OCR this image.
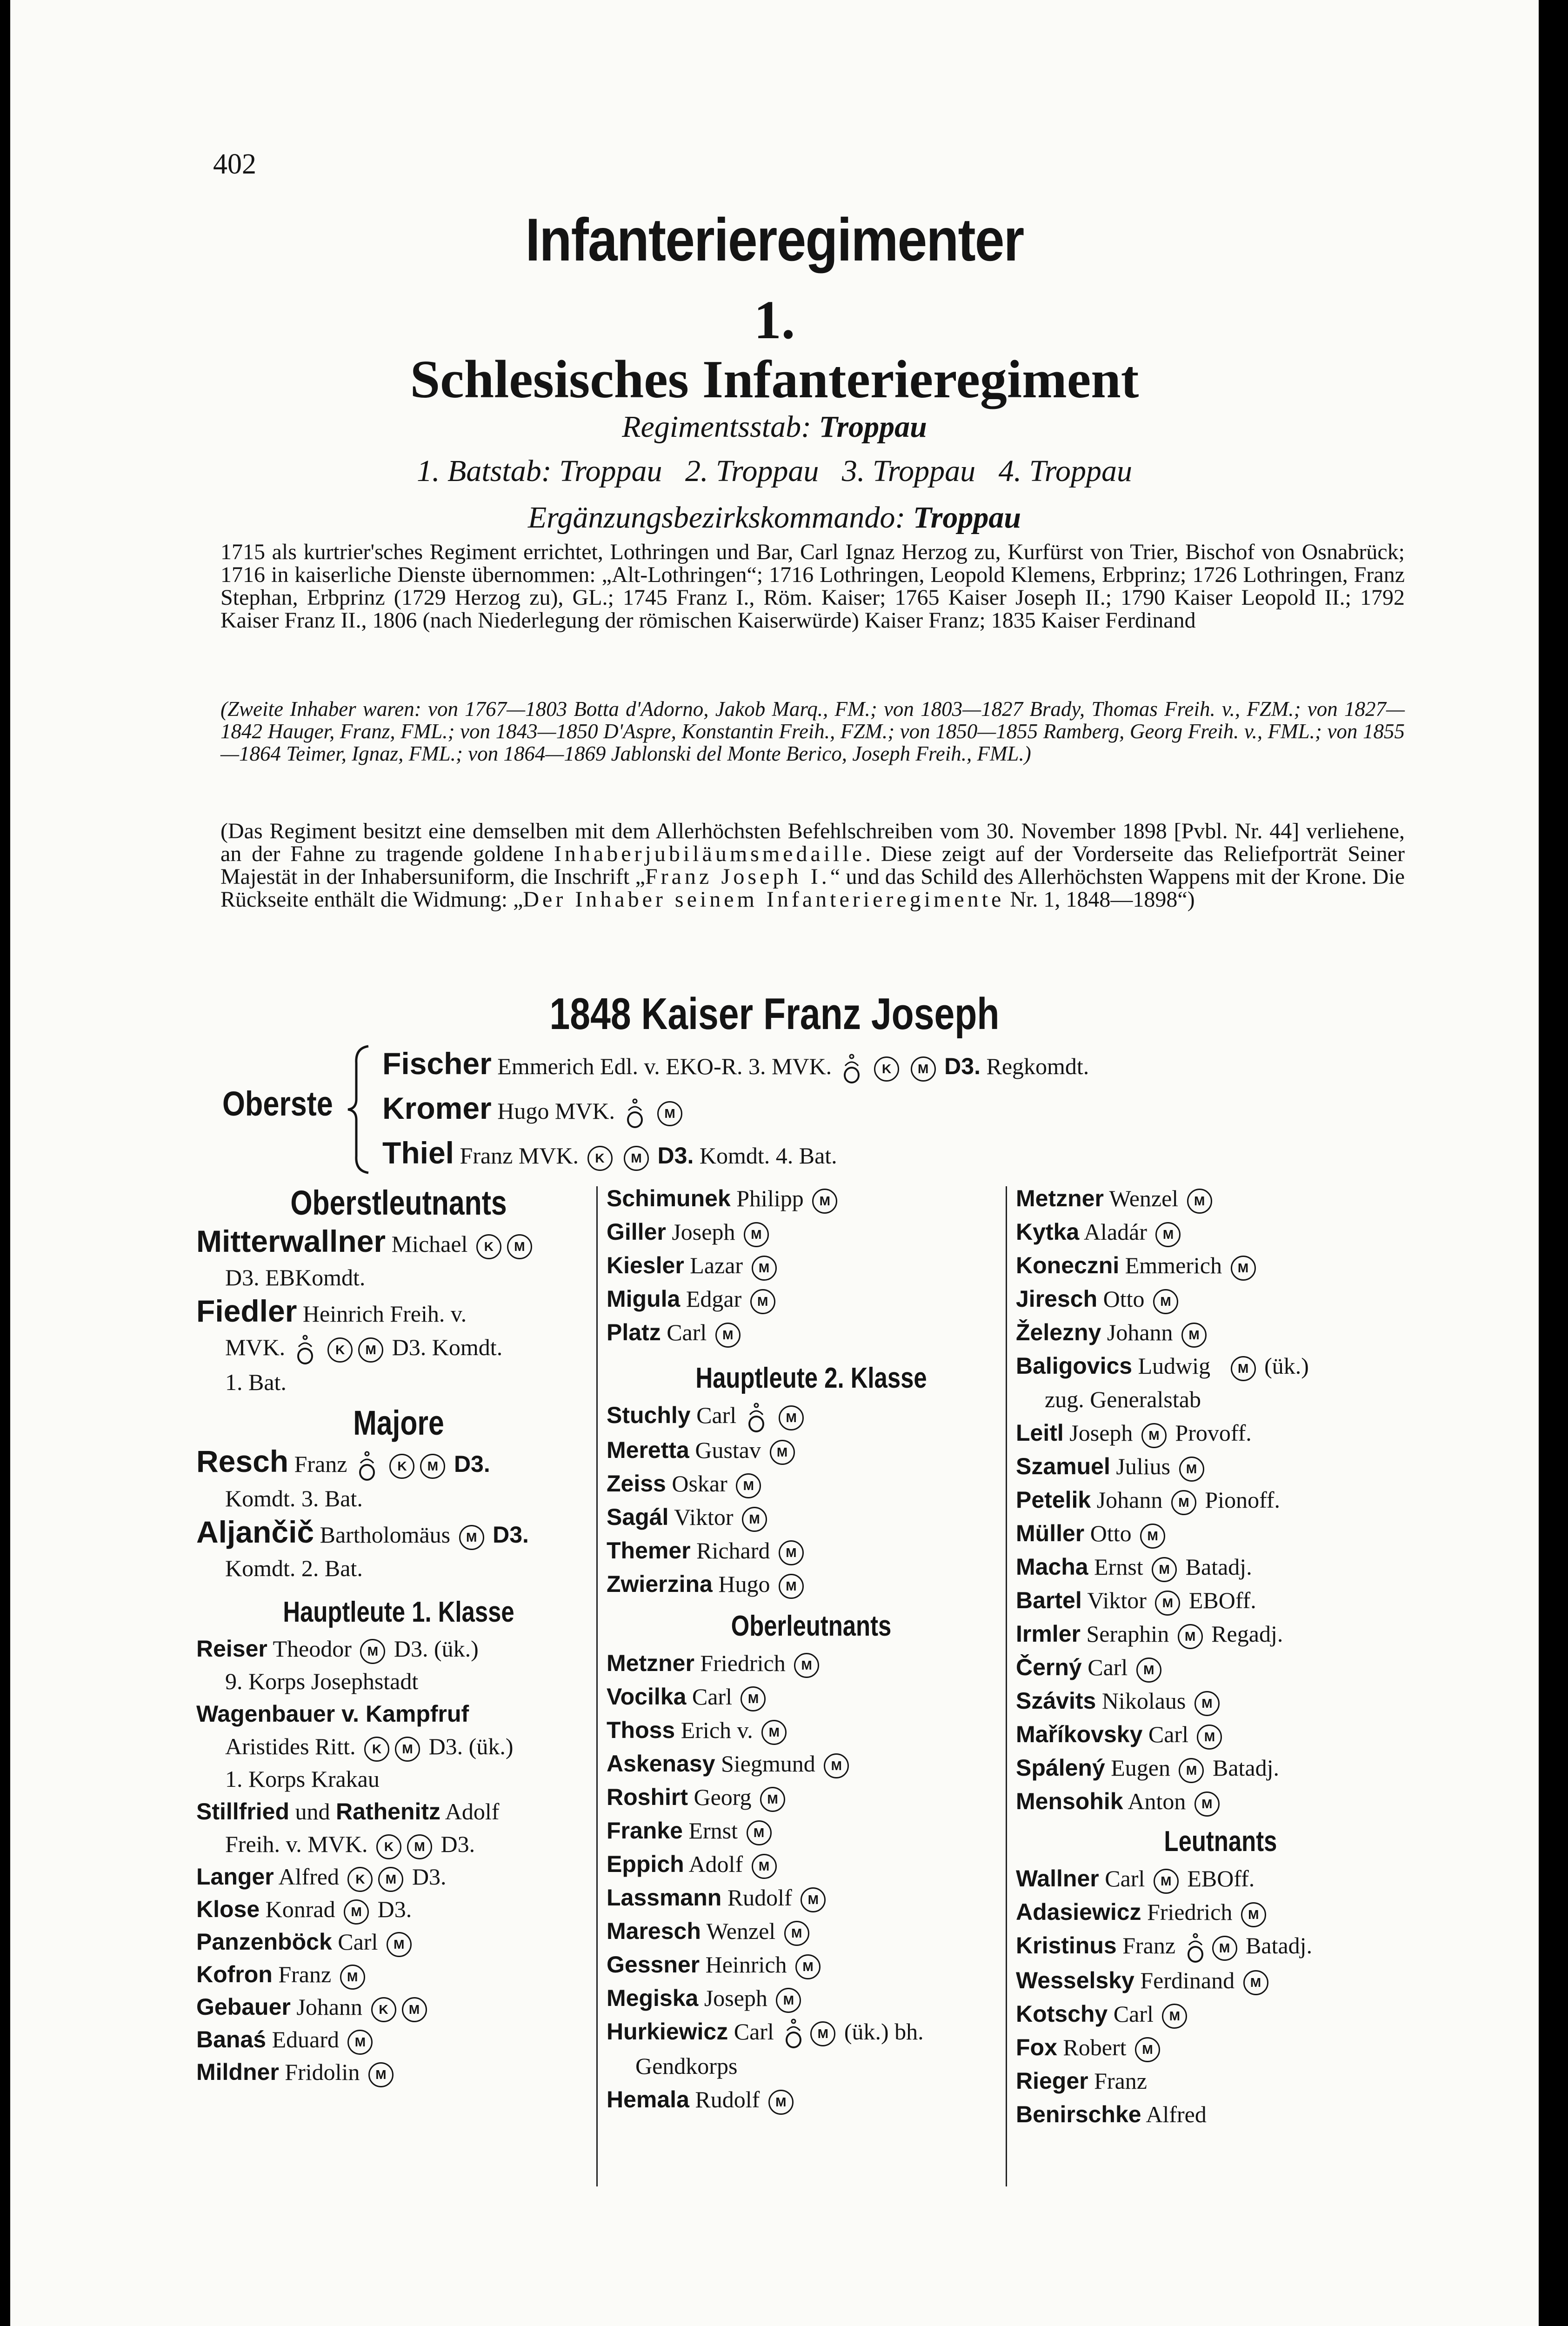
402
Infanterieregimenter
1.
Schlesisches Infanterieregiment
Regimentsstab: Troppau
1. Batstab: Troppau 2. Troppau 3. Troppau 4. Troppau
Ergänzungsbezirkskommando: Troppau
1715 als kurtrier'sches Regiment errichtet, Lothringen und Bar, Carl Ignaz Herzog zu, Kurfürst von Trier, Bischof von Osnabrück; 1716 in kaiserliche Dienste übernommen: „Alt-Lothringen“; 1716 Lothringen, Leopold Klemens, Erbprinz; 1726 Lothringen, Franz Stephan, Erbprinz (1729 Herzog zu), GL.; 1745 Franz I., Röm. Kaiser; 1765 Kaiser Joseph II.; 1790 Kaiser Leopold II.; 1792 Kaiser Franz II., 1806 (nach Niederlegung der römischen Kaiserwürde) Kaiser Franz; 1835 Kaiser Ferdinand
(Zweite Inhaber waren: von 1767—1803 Botta d'Adorno, Jakob Marq., FM.; von 1803—1827 Brady, Thomas Freih. v., FZM.; von 1827—1842 Hauger, Franz, FML.; von 1843—1850 D'Aspre, Konstantin Freih., FZM.; von 1850—1855 Ramberg, Georg Freih. v., FML.; von 1855—1864 Teimer, Ignaz, FML.; von 1864—1869 Jablonski del Monte Berico, Joseph Freih., FML.)
(Das Regiment besitzt eine demselben mit dem Allerhöchsten Befehlschreiben vom 30. November 1898 [Pvbl. Nr. 44] verliehene, an der Fahne zu tragende goldene Inhaberjubiläumsmedaille. Diese zeigt auf der Vorderseite das Reliefporträt Seiner Majestät in der Inhabersuniform, die Inschrift „Franz Joseph I.“ und das Schild des Allerhöchsten Wappens mit der Krone. Die Rückseite enthält die Widmung: „Der Inhaber seinem Infanterieregimente Nr. 1, 1848—1898“)
1848 Kaiser Franz Joseph
Oberste
Fischer Emmerich Edl. v. EKO-R. 3. MVK.	K M D3. Regkomdt.
Kromer Hugo MVK.	M
Thiel Franz MVK. K M D3. Komdt. 4. Bat.
Oberstleutnants
Mitterwallner Michael K M
D3. EBKomdt.
Fiedler Heinrich Freih. v.
MVK.	K M D3. Komdt.
1. Bat.
Majore
Resch Franz	K M D3.
Komdt. 3. Bat.
Aljančič Bartholomäus M D3.
Komdt. 2. Bat.
Hauptleute 1. Klasse
Reiser Theodor M D3. (ük.)
9. Korps Josephstadt
Wagenbauer v. Kampfruf
Aristides Ritt. K M D3. (ük.)
1. Korps Krakau
Stillfried und Rathenitz Adolf
Freih. v. MVK. K M D3.
Langer Alfred K M D3.
Klose Konrad M D3.
Panzenböck Carl M
Kofron Franz M
Gebauer Johann K M
Banaś Eduard M
Mildner Fridolin M
Schimunek Philipp M
Giller Joseph M
Kiesler Lazar M
Migula Edgar M
Platz Carl M
Hauptleute 2. Klasse
Stuchly Carl	M
Meretta Gustav M
Zeiss Oskar M
Sagál Viktor M
Themer Richard M
Zwierzina Hugo M
Oberleutnants
Metzner Friedrich M
Vocilka Carl M
Thoss Erich v. M
Askenasy Siegmund M
Roshirt Georg M
Franke Ernst M
Eppich Adolf M
Lassmann Rudolf M
Maresch Wenzel M
Gessner Heinrich M
Megiska Joseph M
Hurkiewicz Carl	M (ük.) bh.
Gendkorps
Hemala Rudolf M
Metzner Wenzel M
Kytka Aladár M
Koneczni Emmerich M
Jiresch Otto M
Železny Johann M
Baligovics Ludwig M (ük.)
zug. Generalstab
Leitl Joseph M Provoff.
Szamuel Julius M
Petelik Johann M Pionoff.
Müller Otto M
Macha Ernst M Batadj.
Bartel Viktor M EBOff.
Irmler Seraphin M Regadj.
Černý Carl M
Szávits Nikolaus M
Maříkovsky Carl M
Spálený Eugen M Batadj.
Mensohik Anton M
Leutnants
Wallner Carl M EBOff.
Adasiewicz Friedrich M
Kristinus Franz	M Batadj.
Wesselsky Ferdinand M
Kotschy Carl M
Fox Robert M
Rieger Franz
Benirschke Alfred
